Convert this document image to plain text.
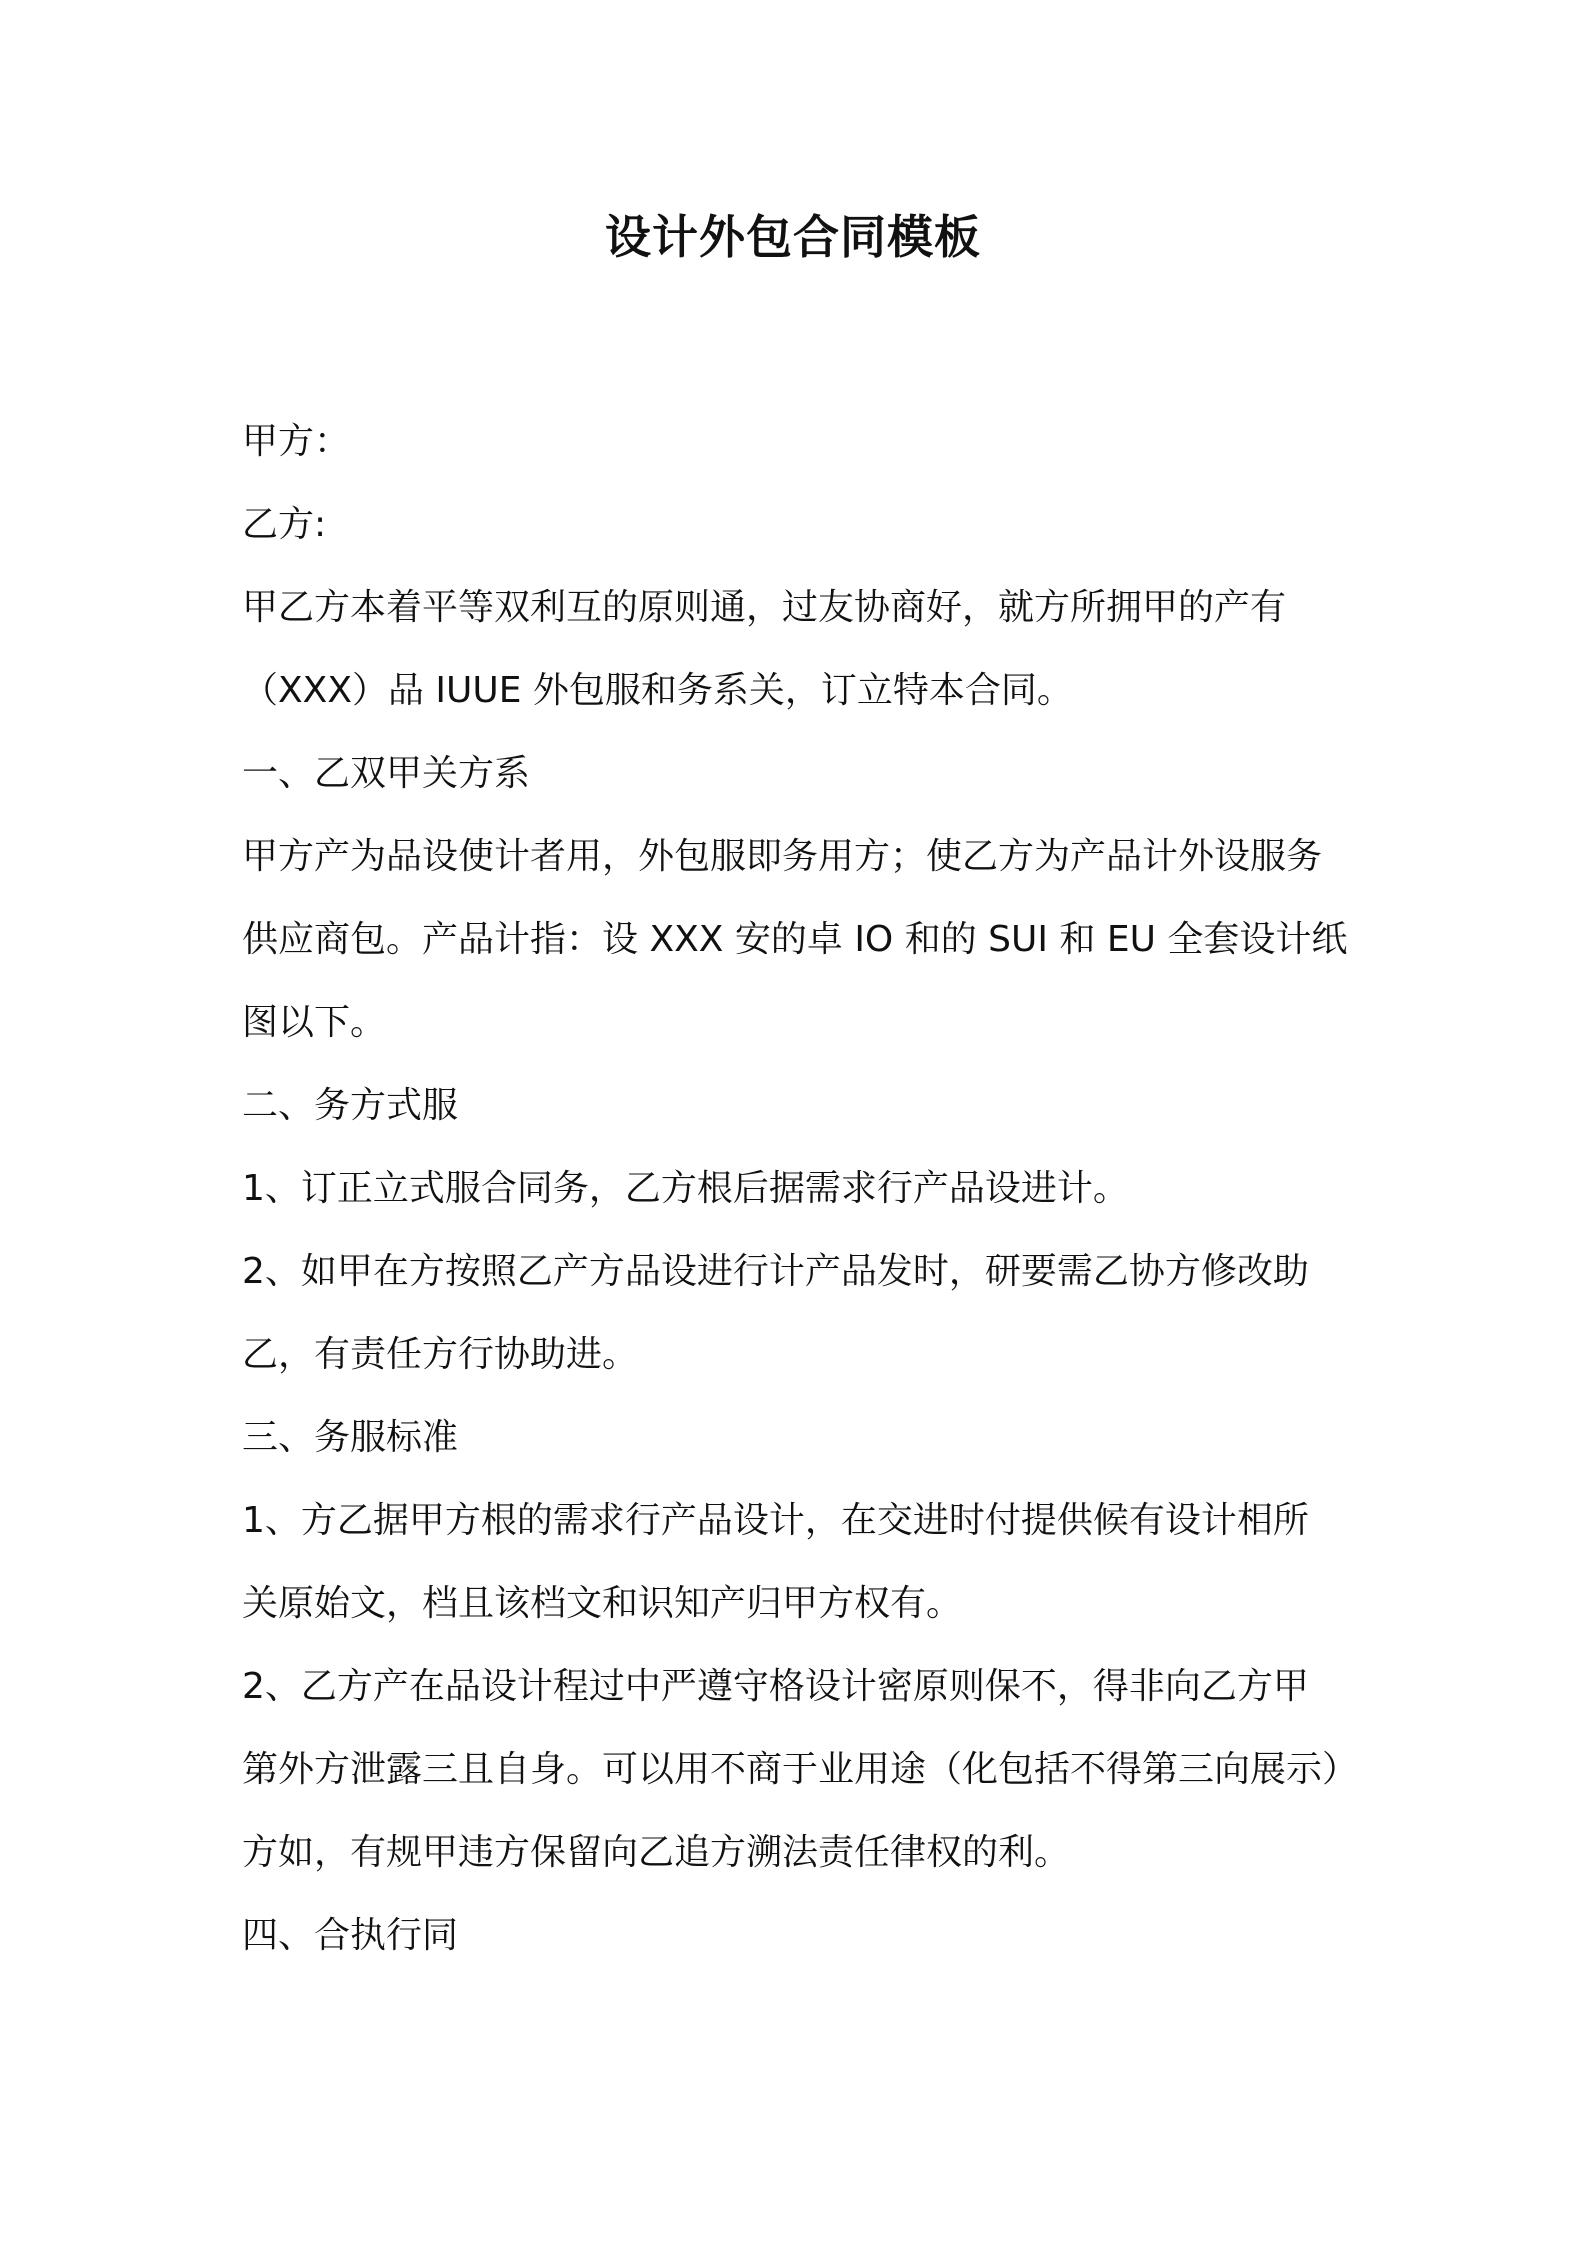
设计外包合同模板

甲方：

乙方:

甲乙方本着平等双利互的原则通，过友协商好，就方所拥甲的产有

（XXX）品 IUUE 外包服和务系关，订立特本合同。

一、乙双甲关方系

甲方产为品设使计者用，外包服即务用方；使乙方为产品计外设服务

供应商包。产品计指：设 XXX 安的卓 IO 和的 SUI 和 EU 全套设计纸

图以下。

二、务方式服

1、订正立式服合同务，乙方根后据需求行产品设进计。

2、如甲在方按照乙产方品设进行计产品发时，研要需乙协方修改助

乙，有责任方行协助进。

三、务服标准

1、方乙据甲方根的需求行产品设计，在交进时付提供候有设计相所

关原始文，档且该档文和识知产归甲方权有。

2、乙方产在品设计程过中严遵守格设计密原则保不，得非向乙方甲

第外方泄露三且自身。可以用不商于业用途（化包括不得第三向展示）

方如，有规甲违方保留向乙追方溯法责任律权的利。

四、合执行同
